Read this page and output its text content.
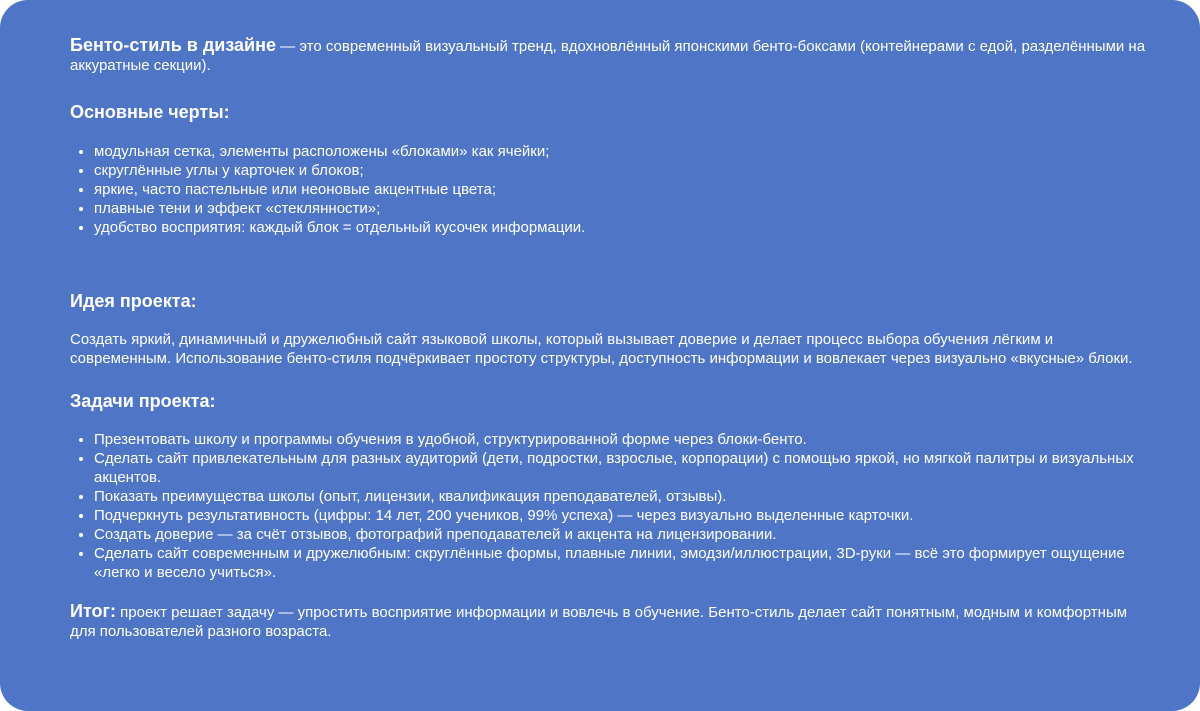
Бенто-стиль в дизайне — это современный визуальный тренд, вдохновлённый японскими бенто-боксами (контейнерами с едой, разделёнными на аккуратные секции).

Основные черты:
• модульная сетка, элементы расположены «блоками» как ячейки;
• скруглённые углы у карточек и блоков;
• яркие, часто пастельные или неоновые акцентные цвета;
• плавные тени и эффект «стеклянности»;
• удобство восприятия: каждый блок = отдельный кусочек информации.
Идея проекта:

Создать яркий, динамичный и дружелюбный сайт языковой школы, который вызывает доверие и делает процесс выбора обучения лёгким и современным. Использование бенто-стиля подчёркивает простоту структуры, доступность информации и вовлекает через визуально «вкусные» блоки.

Задачи проекта:
• Презентовать школу и программы обучения в удобной, структурированной форме через блоки-бенто.
• Сделать сайт привлекательным для разных аудиторий (дети, подростки, взрослые, корпорации) с помощью яркой, но мягкой палитры и визуальных акцентов.
• Показать преимущества школы (опыт, лицензии, квалификация преподавателей, отзывы).
• Подчеркнуть результативность (цифры: 14 лет, 200 учеников, 99% успеха) — через визуально выделенные карточки.
• Создать доверие — за счёт отзывов, фотографий преподавателей и акцента на лицензировании.
• Сделать сайт современным и дружелюбным: скруглённые формы, плавные линии, эмодзи/иллюстрации, 3D-руки — всё это формирует ощущение «легко и весело учиться».

Итог: проект решает задачу — упростить восприятие информации и вовлечь в обучение. Бенто-стиль делает сайт понятным, модным и комфортным для пользователей разного возраста.
